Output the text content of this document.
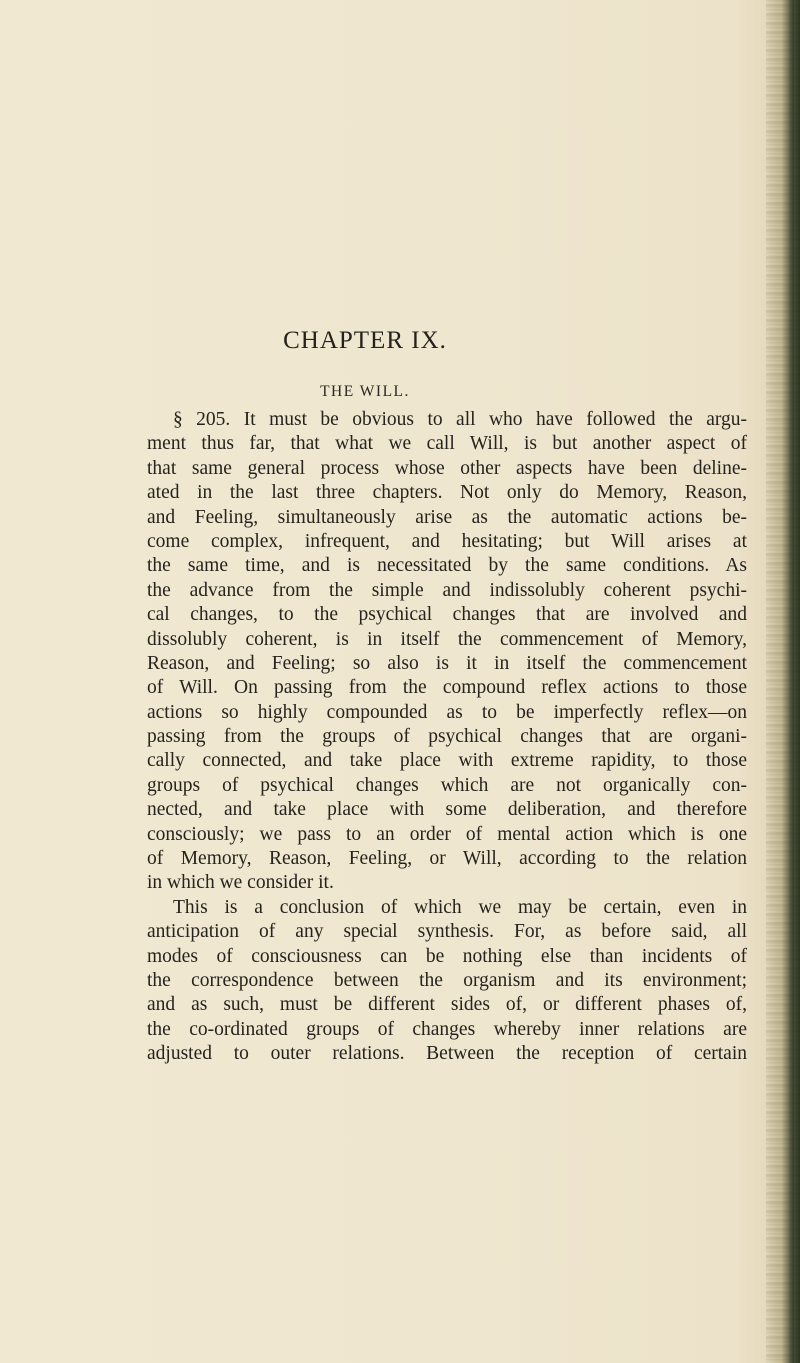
CHAPTER IX.
THE WILL.
§ 205. It must be obvious to all who have followed the argu-
ment thus far, that what we call Will, is but another aspect of
that same general process whose other aspects have been deline-
ated in the last three chapters. Not only do Memory, Reason,
and Feeling, simultaneously arise as the automatic actions be-
come complex, infrequent, and hesitating; but Will arises at
the same time, and is necessitated by the same conditions. As
the advance from the simple and indissolubly coherent psychi-
cal changes, to the psychical changes that are involved and
dissolubly coherent, is in itself the commencement of Memory,
Reason, and Feeling; so also is it in itself the commencement
of Will. On passing from the compound reflex actions to those
actions so highly compounded as to be imperfectly reflex—on
passing from the groups of psychical changes that are organi-
cally connected, and take place with extreme rapidity, to those
groups of psychical changes which are not organically con-
nected, and take place with some deliberation, and therefore
consciously; we pass to an order of mental action which is one
of Memory, Reason, Feeling, or Will, according to the relation
in which we consider it.
This is a conclusion of which we may be certain, even in
anticipation of any special synthesis. For, as before said, all
modes of consciousness can be nothing else than incidents of
the correspondence between the organism and its environment;
and as such, must be different sides of, or different phases of,
the co-ordinated groups of changes whereby inner relations are
adjusted to outer relations. Between the reception of certain
